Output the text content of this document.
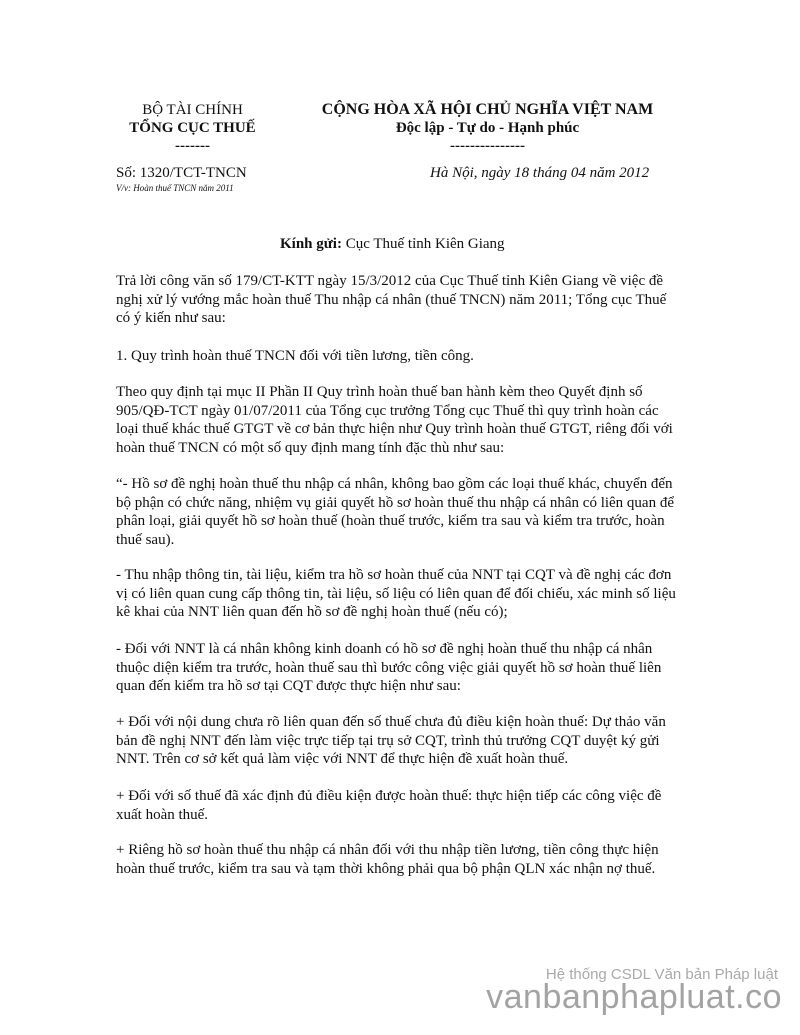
BỘ TÀI CHÍNH
TỔNG CỤC THUẾ
-------
CỘNG HÒA XÃ HỘI CHỦ NGHĨA VIỆT NAM
Độc lập - Tự do - Hạnh phúc
---------------
Số: 1320/TCT-TNCN
V/v: Hoàn thuế TNCN năm 2011
Hà Nội, ngày 18 tháng 04 năm 2012
Kính gửi: Cục Thuế tỉnh Kiên Giang
Trả lời công văn số 179/CT-KTT ngày 15/3/2012 của Cục Thuế tỉnh Kiên Giang về việc đề nghị xử lý vướng mắc hoàn thuế Thu nhập cá nhân (thuế TNCN) năm 2011; Tổng cục Thuế có ý kiến như sau:
1. Quy trình hoàn thuế TNCN đối với tiền lương, tiền công.
Theo quy định tại mục II Phần II Quy trình hoàn thuế ban hành kèm theo Quyết định số 905/QĐ-TCT ngày 01/07/2011 của Tổng cục trưởng Tổng cục Thuế thì quy trình hoàn các loại thuế khác thuế GTGT về cơ bản thực hiện như Quy trình hoàn thuế GTGT, riêng đối với hoàn thuế TNCN có một số quy định mang tính đặc thù như sau:
“- Hồ sơ đề nghị hoàn thuế thu nhập cá nhân, không bao gồm các loại thuế khác, chuyển đến bộ phận có chức năng, nhiệm vụ giải quyết hồ sơ hoàn thuế thu nhập cá nhân có liên quan để phân loại, giải quyết hồ sơ hoàn thuế (hoàn thuế trước, kiểm tra sau và kiểm tra trước, hoàn thuế sau).
- Thu nhập thông tin, tài liệu, kiểm tra hồ sơ hoàn thuế của NNT tại CQT và đề nghị các đơn vị có liên quan cung cấp thông tin, tài liệu, số liệu có liên quan để đối chiếu, xác minh số liệu kê khai của NNT liên quan đến hồ sơ đề nghị hoàn thuế (nếu có);
- Đối với NNT là cá nhân không kinh doanh có hồ sơ đề nghị hoàn thuế thu nhập cá nhân thuộc diện kiểm tra trước, hoàn thuế sau thì bước công việc giải quyết hồ sơ hoàn thuế liên quan đến kiểm tra hồ sơ tại CQT được thực hiện như sau:
+ Đối với nội dung chưa rõ liên quan đến số thuế chưa đủ điều kiện hoàn thuế: Dự thảo văn bản đề nghị NNT đến làm việc trực tiếp tại trụ sở CQT, trình thủ trưởng CQT duyệt ký gửi NNT. Trên cơ sở kết quả làm việc với NNT để thực hiện đề xuất hoàn thuế.
+ Đối với số thuế đã xác định đủ điều kiện được hoàn thuế: thực hiện tiếp các công việc đề xuất hoàn thuế.
+ Riêng hồ sơ hoàn thuế thu nhập cá nhân đối với thu nhập tiền lương, tiền công thực hiện hoàn thuế trước, kiểm tra sau và tạm thời không phải qua bộ phận QLN xác nhận nợ thuế.
Hệ thống CSDL Văn bản Pháp luật
vanbanphapluat.co
